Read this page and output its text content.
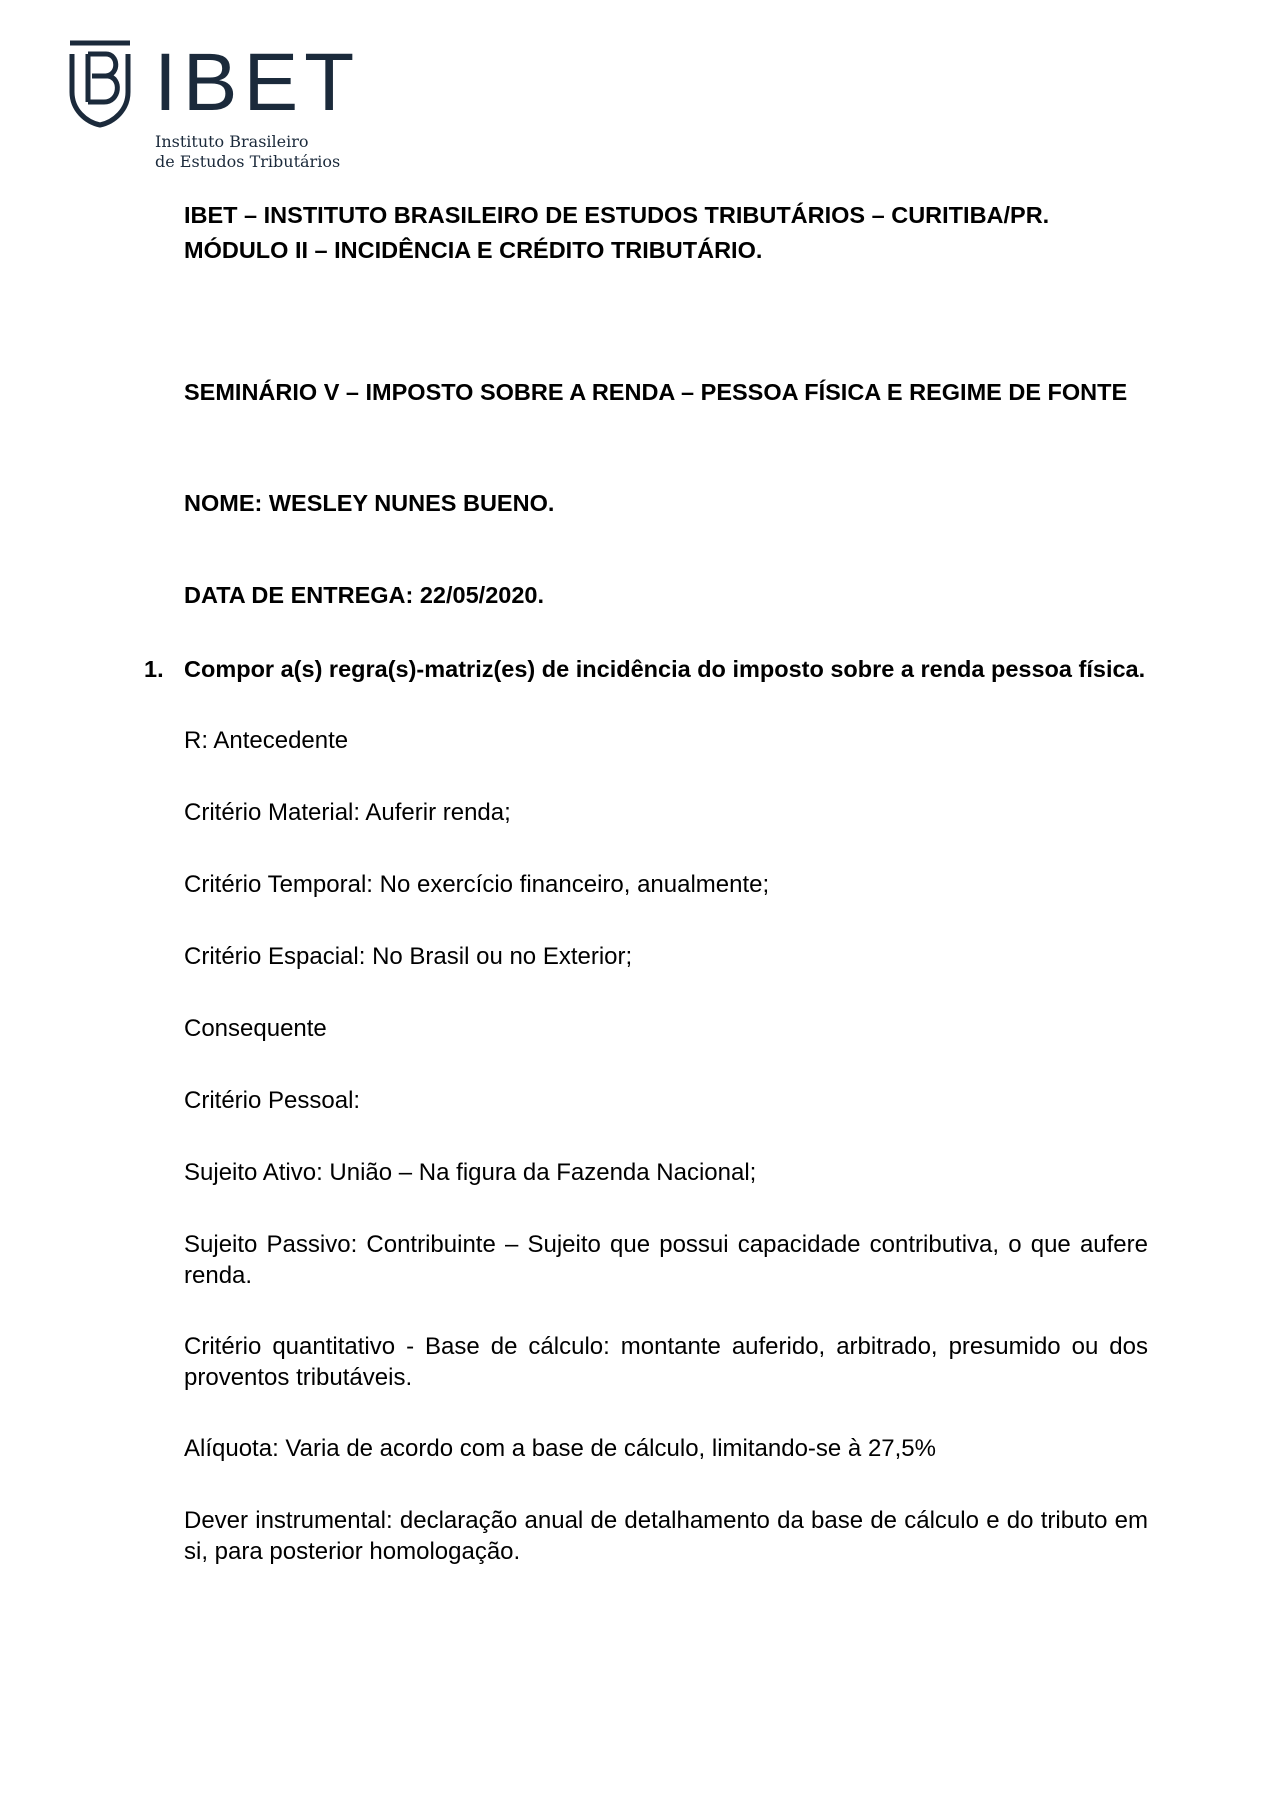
IBET
Instituto Brasileiro
de Estudos Tributários

IBET – INSTITUTO BRASILEIRO DE ESTUDOS TRIBUTÁRIOS – CURITIBA/PR.

MÓDULO II – INCIDÊNCIA E CRÉDITO TRIBUTÁRIO.

SEMINÁRIO V – IMPOSTO SOBRE A RENDA – PESSOA FÍSICA E REGIME DE FONTE

NOME: WESLEY NUNES BUENO.

DATA DE ENTREGA: 22/05/2020.

1. Compor a(s) regra(s)-matriz(es) de incidência do imposto sobre a renda pessoa física.

R: Antecedente

Critério Material: Auferir renda;

Critério Temporal: No exercício financeiro, anualmente;

Critério Espacial: No Brasil ou no Exterior;

Consequente

Critério Pessoal:

Sujeito Ativo: União – Na figura da Fazenda Nacional;

Sujeito Passivo: Contribuinte – Sujeito que possui capacidade contributiva, o que aufere renda.

Critério quantitativo - Base de cálculo: montante auferido, arbitrado, presumido ou dos proventos tributáveis.

Alíquota: Varia de acordo com a base de cálculo, limitando-se à 27,5%

Dever instrumental: declaração anual de detalhamento da base de cálculo e do tributo em si, para posterior homologação.
